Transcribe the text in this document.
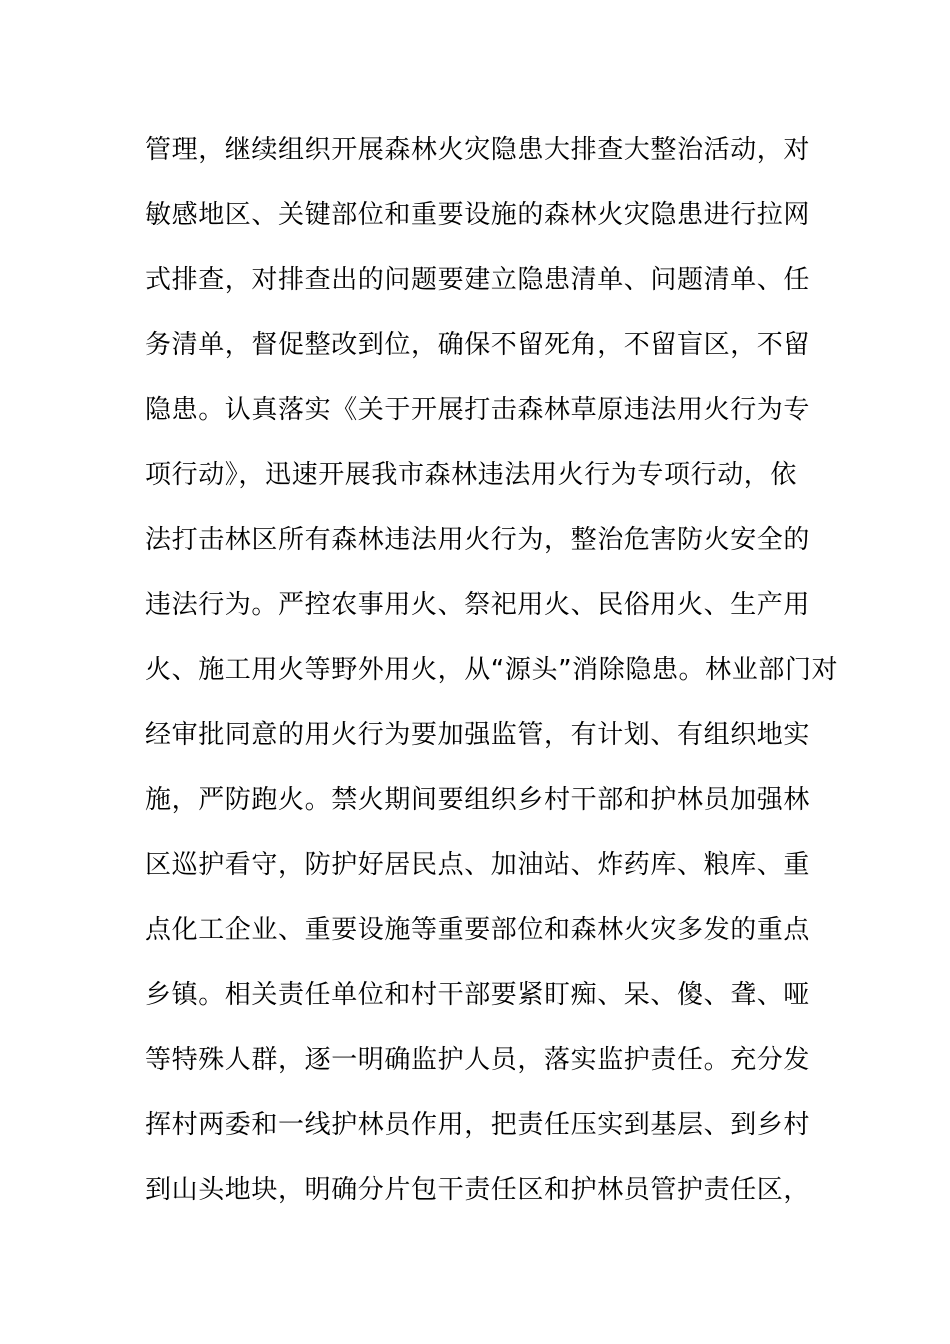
管理，继续组织开展森林火灾隐患大排查大整治活动，对
敏感地区、关键部位和重要设施的森林火灾隐患进行拉网
式排查，对排查出的问题要建立隐患清单、问题清单、任
务清单，督促整改到位，确保不留死角，不留盲区，不留
隐患。认真落实《关于开展打击森林草原违法用火行为专
项行动》，迅速开展我市森林违法用火行为专项行动，依
法打击林区所有森林违法用火行为，整治危害防火安全的
违法行为。严控农事用火、祭祀用火、民俗用火、生产用
火、施工用火等野外用火，从“源头”消除隐患。林业部门对
经审批同意的用火行为要加强监管，有计划、有组织地实
施，严防跑火。禁火期间要组织乡村干部和护林员加强林
区巡护看守，防护好居民点、加油站、炸药库、粮库、重
点化工企业、重要设施等重要部位和森林火灾多发的重点
乡镇。相关责任单位和村干部要紧盯痴、呆、傻、聋、哑
等特殊人群，逐一明确监护人员，落实监护责任。充分发
挥村两委和一线护林员作用，把责任压实到基层、到乡村
到山头地块，明确分片包干责任区和护林员管护责任区，
